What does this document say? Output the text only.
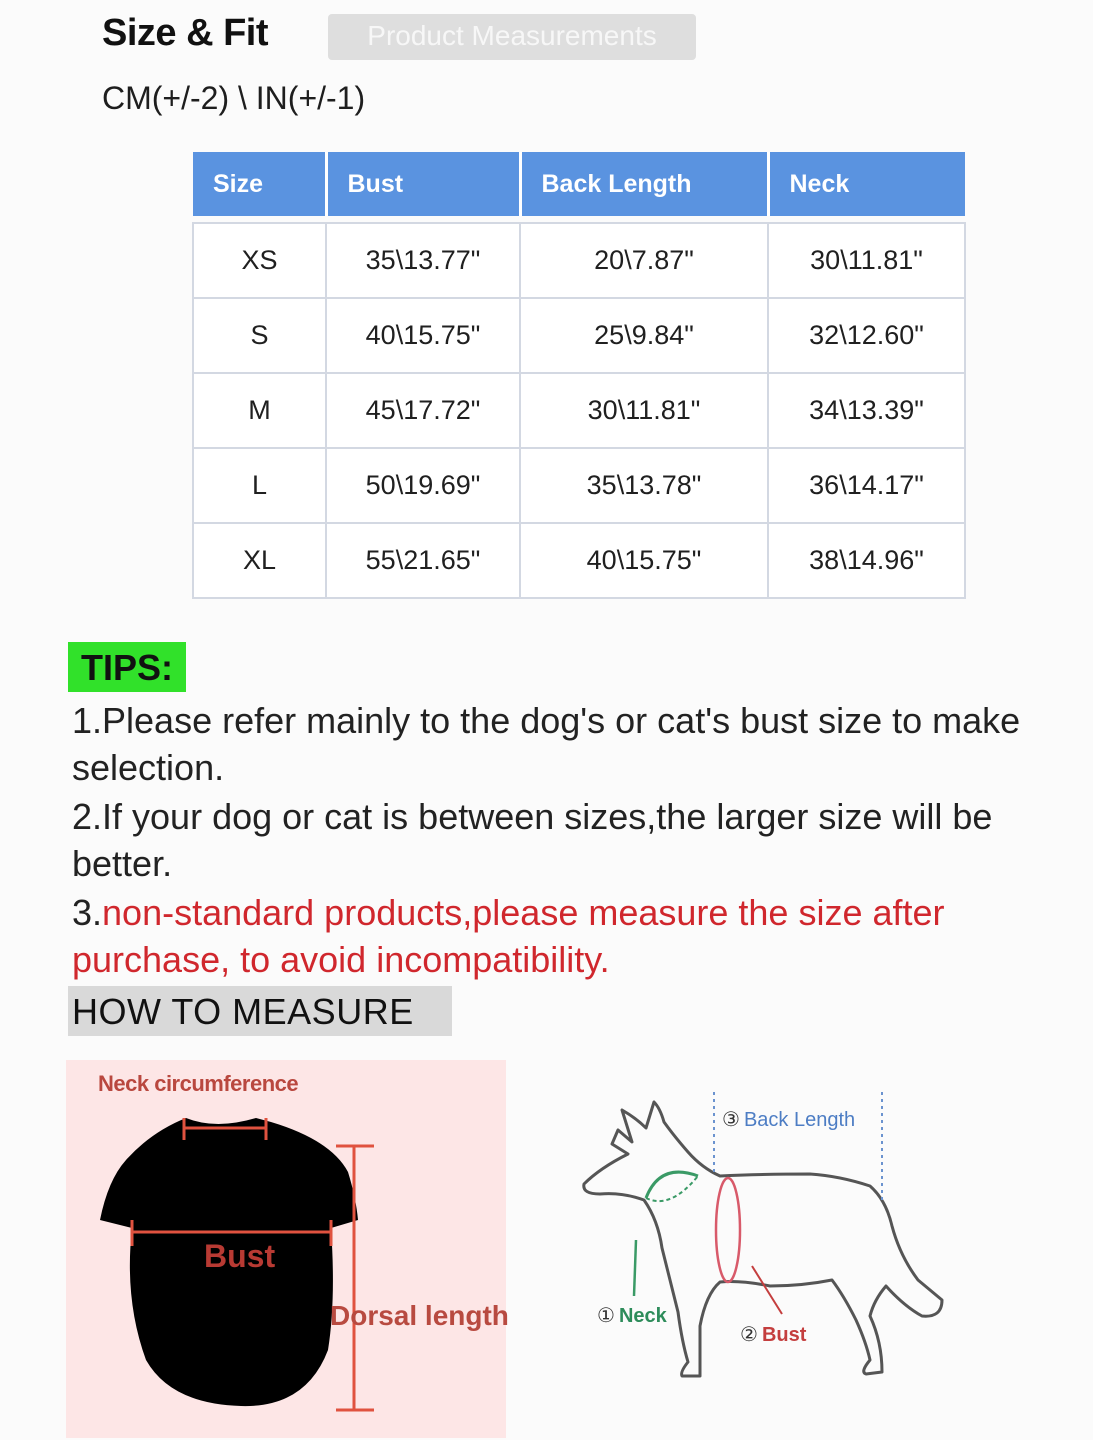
Size & Fit	Product Measurements
CM(+/-2) \ IN(+/-1)
Size	Bust	Back Length	Neck

XS	35\13.77"	20\7.87"	30\11.81"
S	40\15.75"	25\9.84"	32\12.60"
M	45\17.72"	30\11.81"	34\13.39"
L	50\19.69"	35\13.78"	36\14.17"
XL	55\21.65"	40\15.75"	38\14.96"
TIPS:
1.Please refer mainly to the dog's or cat's bust size to make selection.
2.If your dog or cat is between sizes,the larger size will be better.
3.non-standard products,please measure the size after purchase, to avoid incompatibility.
HOW TO MEASURE
Neck circumference
Bust
Dorsal length
③ Back Length
① Neck
② Bust
